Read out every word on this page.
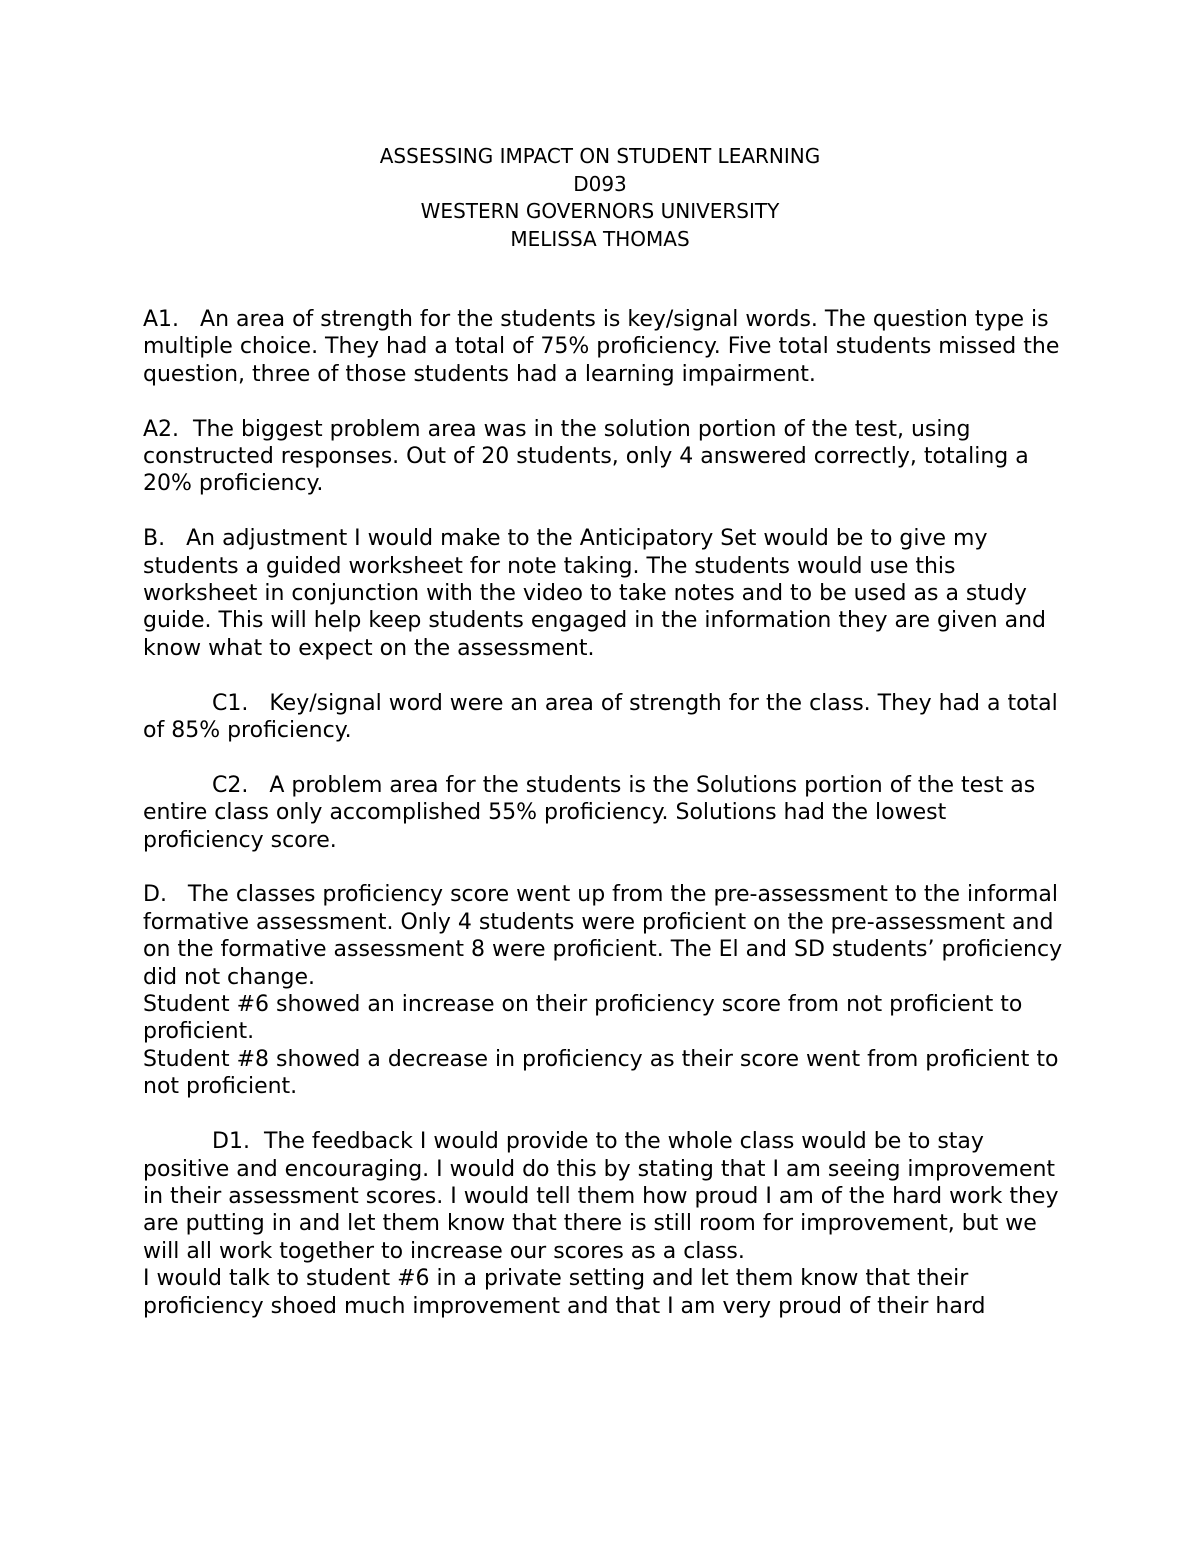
ASSESSING IMPACT ON STUDENT LEARNING
D093
WESTERN GOVERNORS UNIVERSITY
MELISSA THOMAS

A1. An area of strength for the students is key/signal words. The question type is multiple choice. They had a total of 75% proficiency. Five total students missed the question, three of those students had a learning impairment.

A2. The biggest problem area was in the solution portion of the test, using constructed responses. Out of 20 students, only 4 answered correctly, totaling a 20% proficiency.

B. An adjustment I would make to the Anticipatory Set would be to give my students a guided worksheet for note taking. The students would use this worksheet in conjunction with the video to take notes and to be used as a study guide. This will help keep students engaged in the information they are given and know what to expect on the assessment.

C1. Key/signal word were an area of strength for the class. They had a total of 85% proficiency.

C2. A problem area for the students is the Solutions portion of the test as entire class only accomplished 55% proficiency. Solutions had the lowest proficiency score.

D. The classes proficiency score went up from the pre-assessment to the informal formative assessment. Only 4 students were proficient on the pre-assessment and on the formative assessment 8 were proficient. The El and SD students’ proficiency did not change.

Student #6 showed an increase on their proficiency score from not proficient to proficient.

Student #8 showed a decrease in proficiency as their score went from proficient to not proficient.

D1. The feedback I would provide to the whole class would be to stay positive and encouraging. I would do this by stating that I am seeing improvement in their assessment scores. I would tell them how proud I am of the hard work they are putting in and let them know that there is still room for improvement, but we will all work together to increase our scores as a class.

I would talk to student #6 in a private setting and let them know that their proficiency shoed much improvement and that I am very proud of their hard
